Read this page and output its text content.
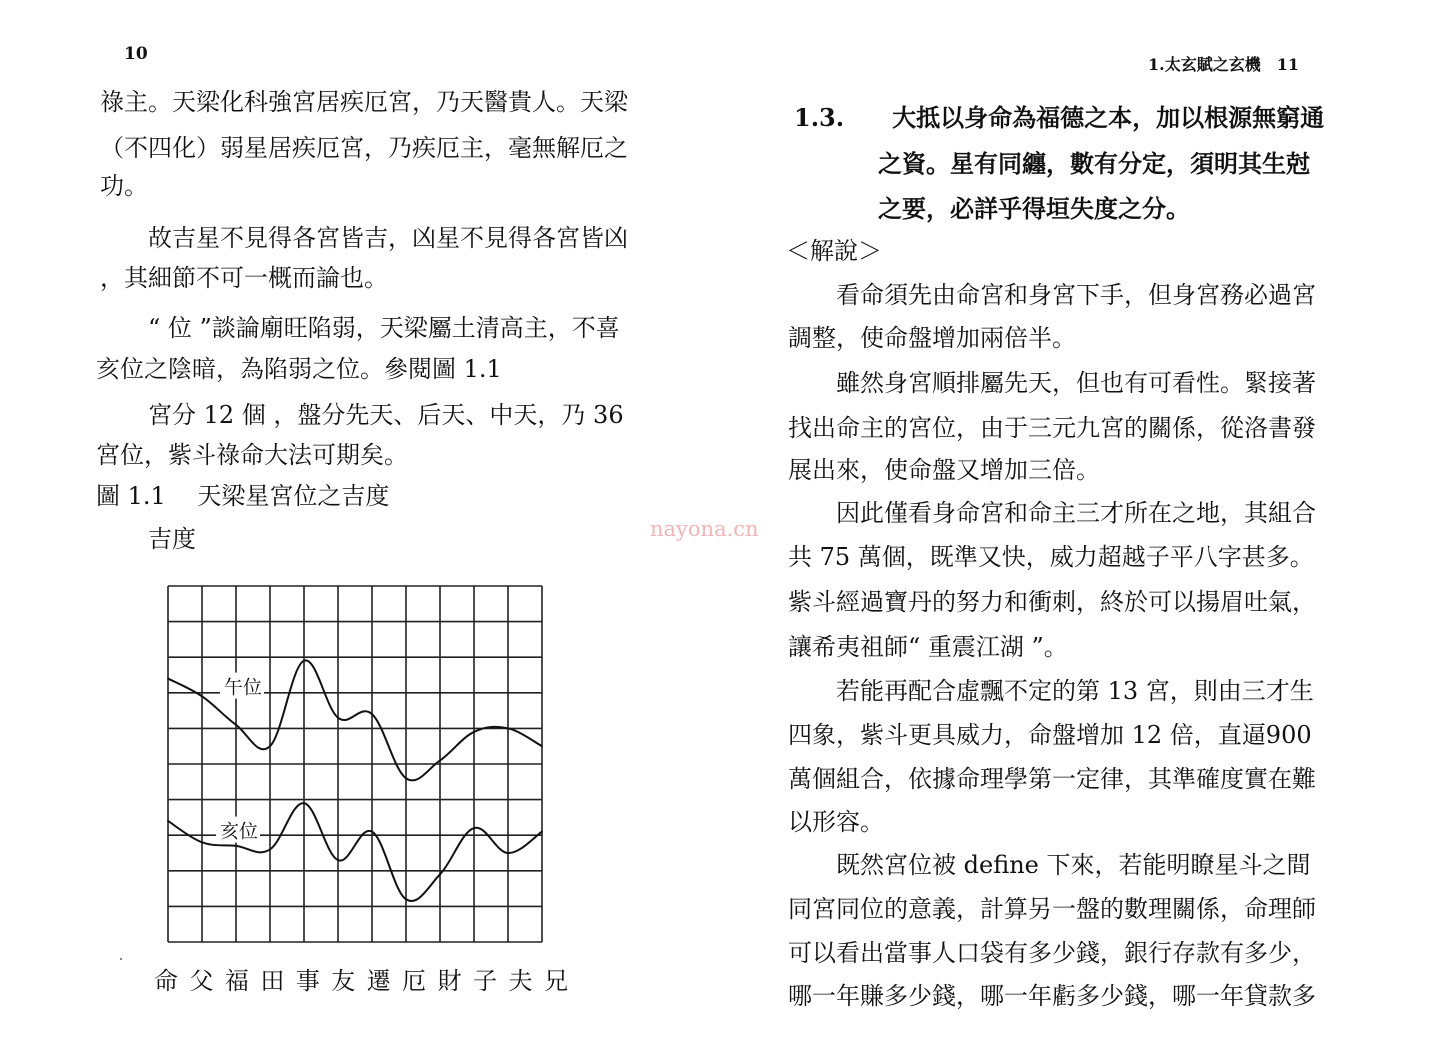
10
祿主。天梁化科強宮居疾厄宮，乃天醫貴人。天梁
（不四化）弱星居疾厄宮，乃疾厄主，毫無解厄之
功。
故吉星不見得各宮皆吉，凶星不見得各宮皆凶
，其細節不可一概而論也。
“ 位 ”談論廟旺陷弱，天梁屬土清高主，不喜
亥位之陰暗，為陷弱之位。參閱圖 1.1
宮分 12 個 ，盤分先天、后天、中天，乃 36
宮位，紫斗祿命大法可期矣。
圖 1.1　 天梁星宮位之吉度
吉度
午位
亥位
命 父 福 田 事 友 遷 厄 財 子 夫 兄
1.太玄賦之玄機　11
1.3.　　大抵以身命為福德之本，加以根源無窮通
之資。星有同纏，數有分定，須明其生尅
之要，必詳乎得垣失度之分。
＜解說＞
看命須先由命宮和身宮下手，但身宮務必過宮
調整，使命盤增加兩倍半。
雖然身宮順排屬先天，但也有可看性。緊接著
找出命主的宮位，由于三元九宮的關係，從洛書發
展出來，使命盤又增加三倍。
因此僅看身命宮和命主三才所在之地，其組合
共 75 萬個，既準又快，威力超越子平八字甚多。
紫斗經過寶丹的努力和衝刺，終於可以揚眉吐氣，
讓希夷祖師“ 重震江湖 ”。
若能再配合虛飄不定的第 13 宮，則由三才生
四象，紫斗更具威力，命盤增加 12 倍，直逼900
萬個組合，依據命理學第一定律，其準確度實在難
以形容。
既然宮位被 define 下來，若能明瞭星斗之間
同宮同位的意義，計算另一盤的數理關係，命理師
可以看出當事人口袋有多少錢，銀行存款有多少，
哪一年賺多少錢，哪一年虧多少錢，哪一年貸款多
nayona.cn
